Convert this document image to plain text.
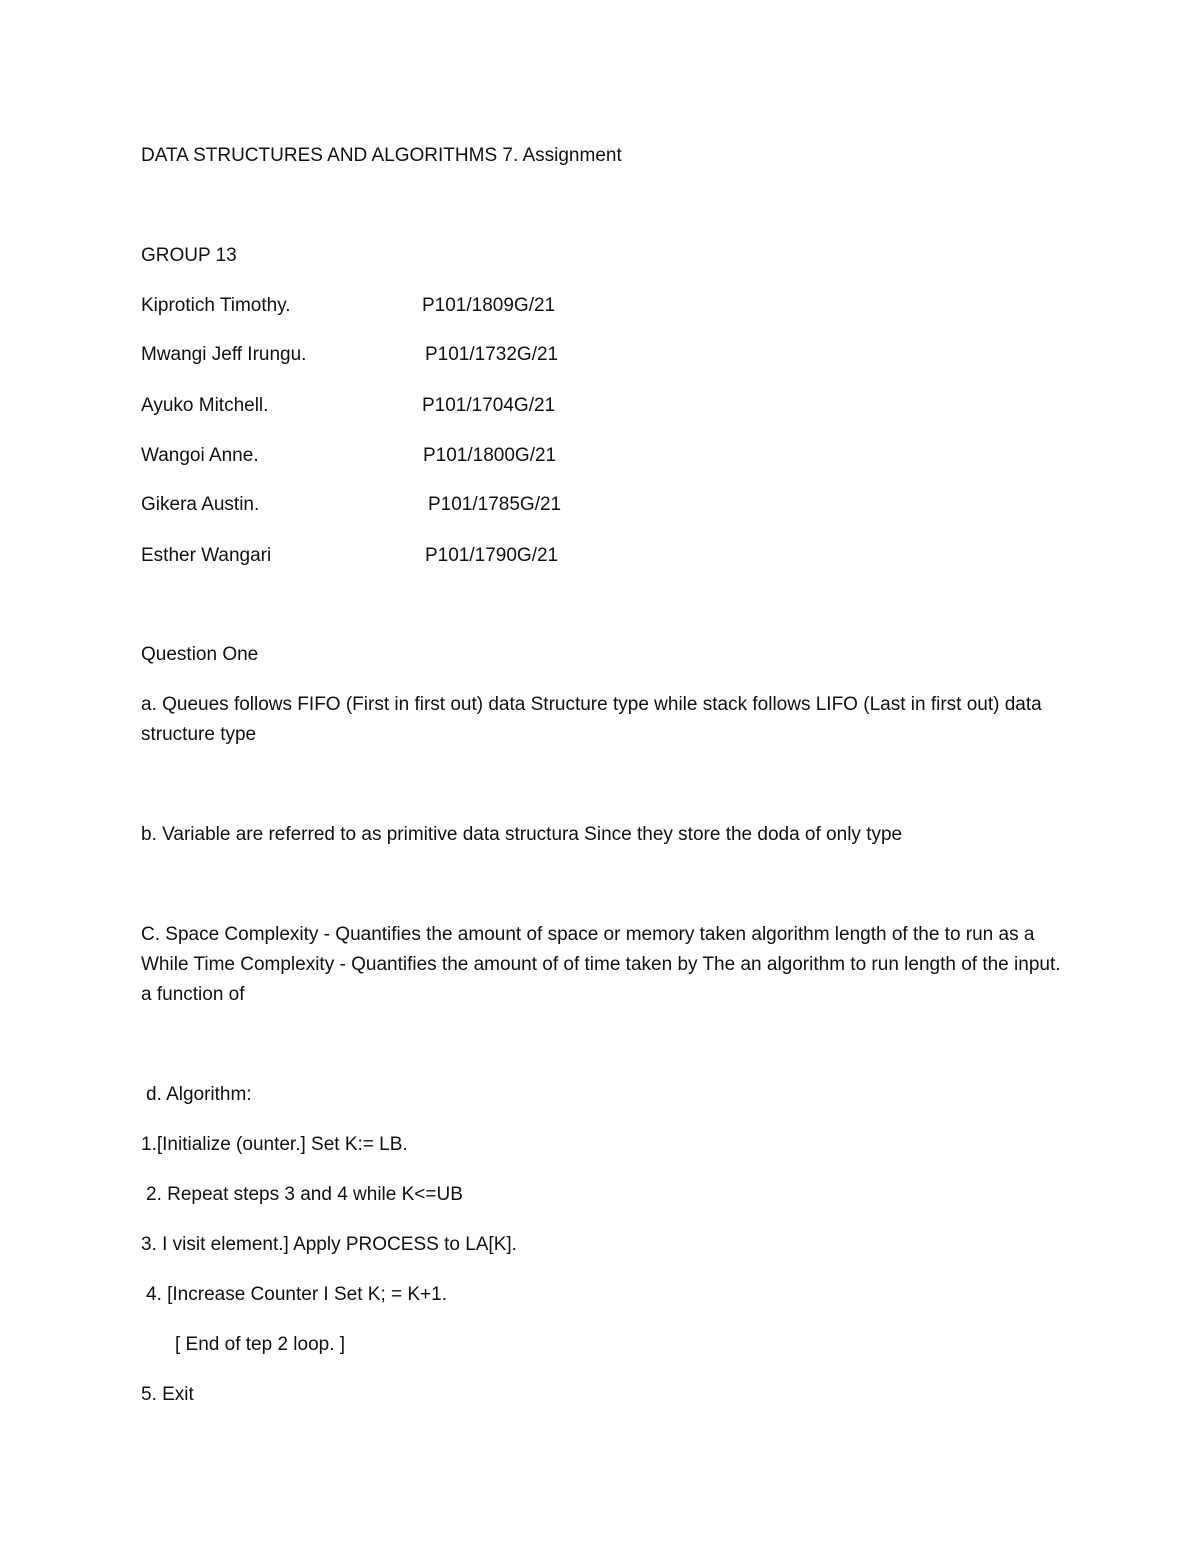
DATA STRUCTURES AND ALGORITHMS 7. Assignment
GROUP 13
Kiprotich Timothy.	P101/1809G/21
Mwangi Jeff Irungu.	P101/1732G/21
Ayuko Mitchell.	P101/1704G/21
Wangoi Anne.	P101/1800G/21
Gikera Austin.	P101/1785G/21
Esther Wangari	P101/1790G/21
Question One
a. Queues follows FIFO (First in first out) data Structure type while stack follows LIFO (Last in first out) data structure type
b. Variable are referred to as primitive data structura Since they store the doda of only type
C. Space Complexity - Quantifies the amount of space or memory taken algorithm length of the to run as a While Time Complexity - Quantifies the amount of of time taken by The an algorithm to run length of the input. a function of
d. Algorithm:
1.[Initialize (ounter.] Set K:= LB.
2. Repeat steps 3 and 4 while K<=UB
3. I visit element.] Apply PROCESS to LA[K].
4. [Increase Counter I Set K; = K+1.
[ End of tep 2 loop. ]
5. Exit
